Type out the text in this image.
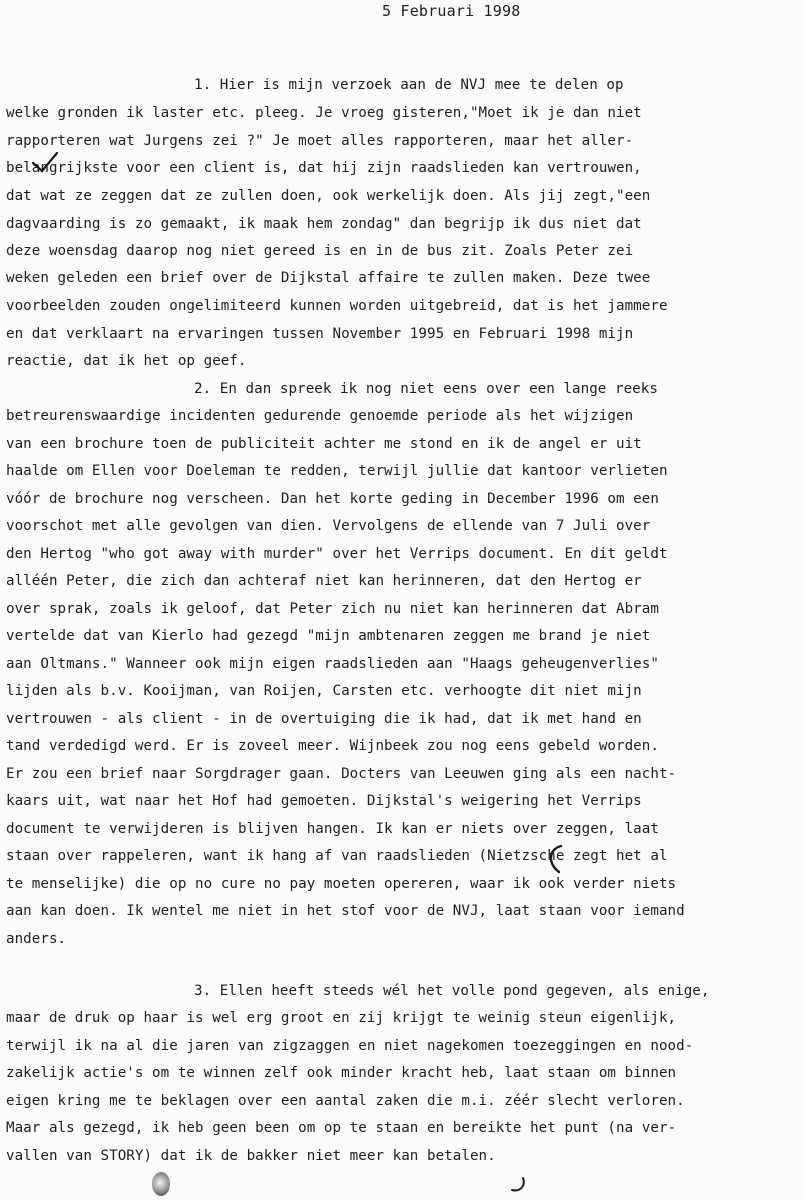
5 Februari 1998
1. Hier is mijn verzoek aan de NVJ mee te delen op
welke gronden ik laster etc. pleeg. Je vroeg gisteren,"Moet ik je dan niet
rapporteren wat Jurgens zei ?" Je moet alles rapporteren, maar het aller-
belangrijkste voor een client is, dat hij zijn raadslieden kan vertrouwen,
dat wat ze zeggen dat ze zullen doen, ook werkelijk doen. Als jij zegt,"een
dagvaarding is zo gemaakt, ik maak hem zondag" dan begrijp ik dus niet dat
deze woensdag daarop nog niet gereed is en in de bus zit. Zoals Peter zei
weken geleden een brief over de Dijkstal affaire te zullen maken. Deze twee
voorbeelden zouden ongelimiteerd kunnen worden uitgebreid, dat is het jammere
en dat verklaart na ervaringen tussen November 1995 en Februari 1998 mijn
reactie, dat ik het op geef.
2. En dan spreek ik nog niet eens over een lange reeks
betreurenswaardige incidenten gedurende genoemde periode als het wijzigen
van een brochure toen de publiciteit achter me stond en ik de angel er uit
haalde om Ellen voor Doeleman te redden, terwijl jullie dat kantoor verlieten
vóór de brochure nog verscheen. Dan het korte geding in December 1996 om een
voorschot met alle gevolgen van dien. Vervolgens de ellende van 7 Juli over
den Hertog "who got away with murder" over het Verrips document. En dit geldt
alléén Peter, die zich dan achteraf niet kan herinneren, dat den Hertog er
over sprak, zoals ik geloof, dat Peter zich nu niet kan herinneren dat Abram
vertelde dat van Kierlo had gezegd "mijn ambtenaren zeggen me brand je niet
aan Oltmans." Wanneer ook mijn eigen raadslieden aan "Haags geheugenverlies"
lijden als b.v. Kooijman, van Roijen, Carsten etc. verhoogte dit niet mijn
vertrouwen - als client - in de overtuiging die ik had, dat ik met hand en
tand verdedigd werd. Er is zoveel meer. Wijnbeek zou nog eens gebeld worden.
Er zou een brief naar Sorgdrager gaan. Docters van Leeuwen ging als een nacht-
kaars uit, wat naar het Hof had gemoeten. Dijkstal's weigering het Verrips
document te verwijderen is blijven hangen. Ik kan er niets over zeggen, laat
staan over rappeleren, want ik hang af van raadslieden (Nietzsche zegt het al
te menselijke) die op no cure no pay moeten opereren, waar ik ook verder niets
aan kan doen. Ik wentel me niet in het stof voor de NVJ, laat staan voor iemand
anders.
3. Ellen heeft steeds wél het volle pond gegeven, als enige,
maar de druk op haar is wel erg groot en zij krijgt te weinig steun eigenlijk,
terwijl ik na al die jaren van zigzaggen en niet nagekomen toezeggingen en nood-
zakelijk actie's om te winnen zelf ook minder kracht heb, laat staan om binnen
eigen kring me te beklagen over een aantal zaken die m.i. zéér slecht verloren.
Maar als gezegd, ik heb geen been om op te staan en bereikte het punt (na ver-
vallen van STORY) dat ik de bakker niet meer kan betalen.
